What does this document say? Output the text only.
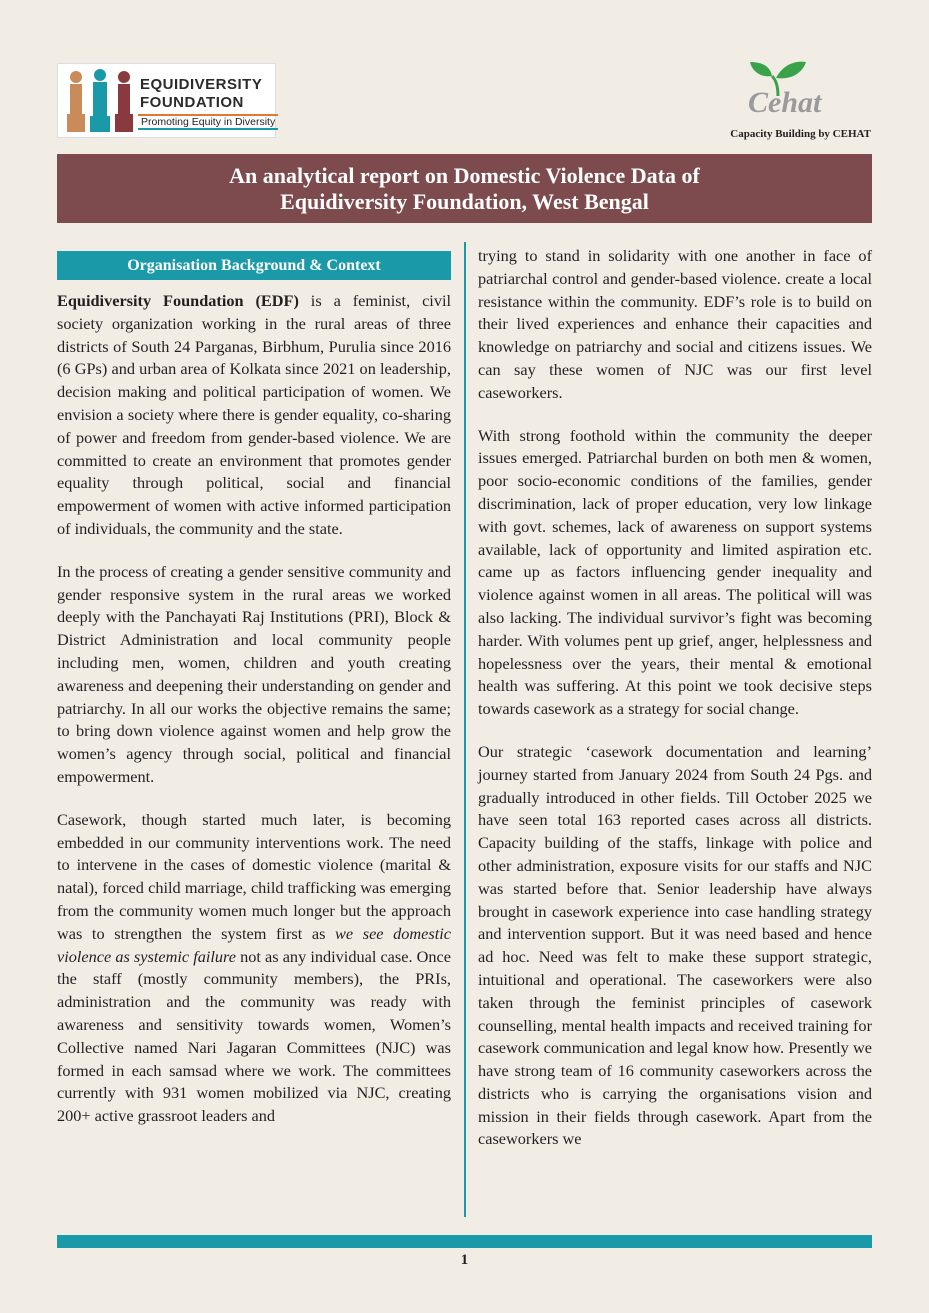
EQUIDIVERSITY
FOUNDATION
Promoting Equity in Diversity
Cehat
Capacity Building by CEHAT
An analytical report on Domestic Violence Data of
Equidiversity Foundation, West Bengal
Organisation Background & Context

Equidiversity Foundation (EDF) is a feminist, civil society organization working in the rural areas of three districts of South 24 Parganas, Birbhum, Purulia since 2016 (6 GPs) and urban area of Kolkata since 2021 on leadership, decision making and political participation of women. We envision a society where there is gender equality, co-sharing of power and freedom from gender-based violence. We are committed to create an environment that promotes gender equality through political, social and financial empowerment of women with active informed participation of individuals, the community and the state.

In the process of creating a gender sensitive community and gender responsive system in the rural areas we worked deeply with the Panchayati Raj Institutions (PRI), Block & District Administration and local community people including men, women, children and youth creating awareness and deepening their understanding on gender and patriarchy. In all our works the objective remains the same; to bring down violence against women and help grow the women’s agency through social, political and financial empowerment.

Casework, though started much later, is becoming embedded in our community interventions work. The need to intervene in the cases of domestic violence (marital & natal), forced child marriage, child trafficking was emerging from the community women much longer but the approach was to strengthen the system first as we see domestic violence as systemic failure not as any individual case. Once the staff (mostly community members), the PRIs, administration and the community was ready with awareness and sensitivity towards women, Women’s Collective named Nari Jagaran Committees (NJC) was formed in each samsad where we work. The committees currently with 931 women mobilized via NJC, creating 200+ active grassroot leaders and

trying to stand in solidarity with one another in face of patriarchal control and gender-based violence. create a local resistance within the community. EDF’s role is to build on their lived experiences and enhance their capacities and knowledge on patriarchy and social and citizens issues. We can say these women of NJC was our first level caseworkers.

With strong foothold within the community the deeper issues emerged. Patriarchal burden on both men & women, poor socio-economic conditions of the families, gender discrimination, lack of proper education, very low linkage with govt. schemes, lack of awareness on support systems available, lack of opportunity and limited aspiration etc. came up as factors influencing gender inequality and violence against women in all areas. The political will was also lacking. The individual survivor’s fight was becoming harder. With volumes pent up grief, anger, helplessness and hopelessness over the years, their mental & emotional health was suffering. At this point we took decisive steps towards casework as a strategy for social change.

Our strategic ‘casework documentation and learning’ journey started from January 2024 from South 24 Pgs. and gradually introduced in other fields. Till October 2025 we have seen total 163 reported cases across all districts. Capacity building of the staffs, linkage with police and other administration, exposure visits for our staffs and NJC was started before that. Senior leadership have always brought in casework experience into case handling strategy and intervention support. But it was need based and hence ad hoc. Need was felt to make these support strategic, intuitional and operational. The caseworkers were also taken through the feminist principles of casework counselling, mental health impacts and received training for casework communication and legal know how. Presently we have strong team of 16 community caseworkers across the districts who is carrying the organisations vision and mission in their fields through casework. Apart from the caseworkers we

1
